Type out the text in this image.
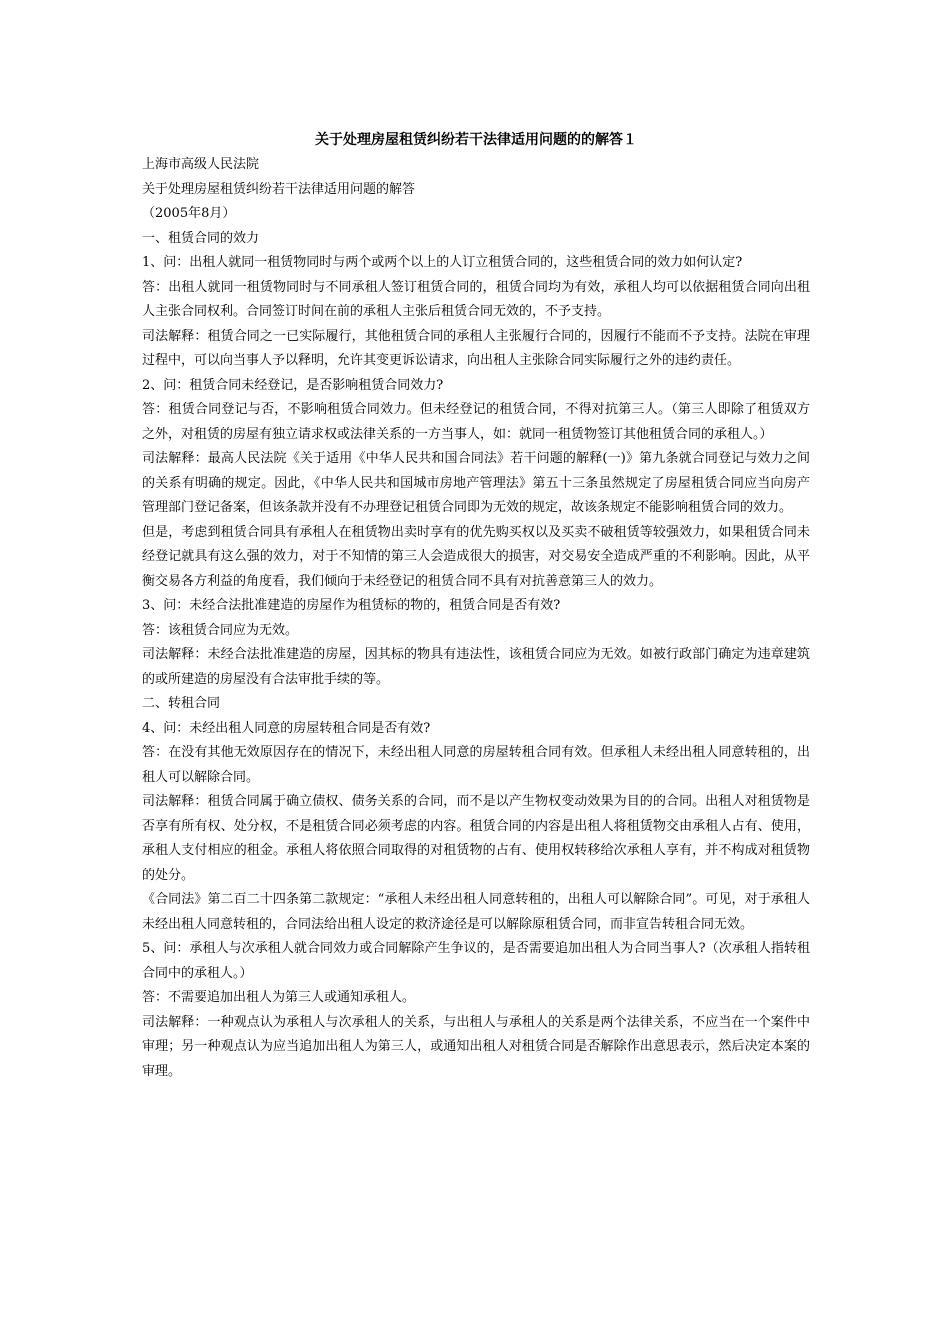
关于处理房屋租赁纠纷若干法律适用问题的的解答１

上海市高级人民法院

关于处理房屋租赁纠纷若干法律适用问题的解答

（2005年8月）

一、租赁合同的效力

1、问：出租人就同一租赁物同时与两个或两个以上的人订立租赁合同的，这些租赁合同的效力如何认定?

答：出租人就同一租赁物同时与不同承租人签订租赁合同的，租赁合同均为有效，承租人均可以依据租赁合同向出租人主张合同权利。合同签订时间在前的承租人主张后租赁合同无效的，不予支持。

司法解释：租赁合同之一已实际履行，其他租赁合同的承租人主张履行合同的，因履行不能而不予支持。法院在审理过程中，可以向当事人予以释明，允许其变更诉讼请求，向出租人主张除合同实际履行之外的违约责任。

2、问：租赁合同未经登记，是否影响租赁合同效力?

答：租赁合同登记与否，不影响租赁合同效力。但未经登记的租赁合同，不得对抗第三人。（第三人即除了租赁双方之外，对租赁的房屋有独立请求权或法律关系的一方当事人，如：就同一租赁物签订其他租赁合同的承租人。）

司法解释：最高人民法院《关于适用《中华人民共和国合同法》若干问题的解释(一)》第九条就合同登记与效力之间的关系有明确的规定。因此，《中华人民共和国城市房地产管理法》第五十三条虽然规定了房屋租赁合同应当向房产管理部门登记备案，但该条款并没有不办理登记租赁合同即为无效的规定，故该条规定不能影响租赁合同的效力。

但是，考虑到租赁合同具有承租人在租赁物出卖时享有的优先购买权以及买卖不破租赁等较强效力，如果租赁合同未经登记就具有这么强的效力，对于不知情的第三人会造成很大的损害，对交易安全造成严重的不利影响。因此，从平衡交易各方利益的角度看，我们倾向于未经登记的租赁合同不具有对抗善意第三人的效力。

3、问：未经合法批准建造的房屋作为租赁标的物的，租赁合同是否有效?

答：该租赁合同应为无效。

司法解释：未经合法批准建造的房屋，因其标的物具有违法性，该租赁合同应为无效。如被行政部门确定为违章建筑的或所建造的房屋没有合法审批手续的等。

二、转租合同

4、问：未经出租人同意的房屋转租合同是否有效?

答：在没有其他无效原因存在的情况下，未经出租人同意的房屋转租合同有效。但承租人未经出租人同意转租的，出租人可以解除合同。

司法解释：租赁合同属于确立债权、债务关系的合同，而不是以产生物权变动效果为目的的合同。出租人对租赁物是否享有所有权、处分权，不是租赁合同必须考虑的内容。租赁合同的内容是出租人将租赁物交由承租人占有、使用，承租人支付相应的租金。承租人将依照合同取得的对租赁物的占有、使用权转移给次承租人享有，并不构成对租赁物的处分。

《合同法》第二百二十四条第二款规定：“承租人未经出租人同意转租的，出租人可以解除合同”。可见，对于承租人未经出租人同意转租的，合同法给出租人设定的救济途径是可以解除原租赁合同，而非宣告转租合同无效。

5、问：承租人与次承租人就合同效力或合同解除产生争议的，是否需要追加出租人为合同当事人?（次承租人指转租合同中的承租人。）

答：不需要追加出租人为第三人或通知承租人。

司法解释：一种观点认为承租人与次承租人的关系，与出租人与承租人的关系是两个法律关系，不应当在一个案件中审理；另一种观点认为应当追加出租人为第三人，或通知出租人对租赁合同是否解除作出意思表示，然后决定本案的审理。
